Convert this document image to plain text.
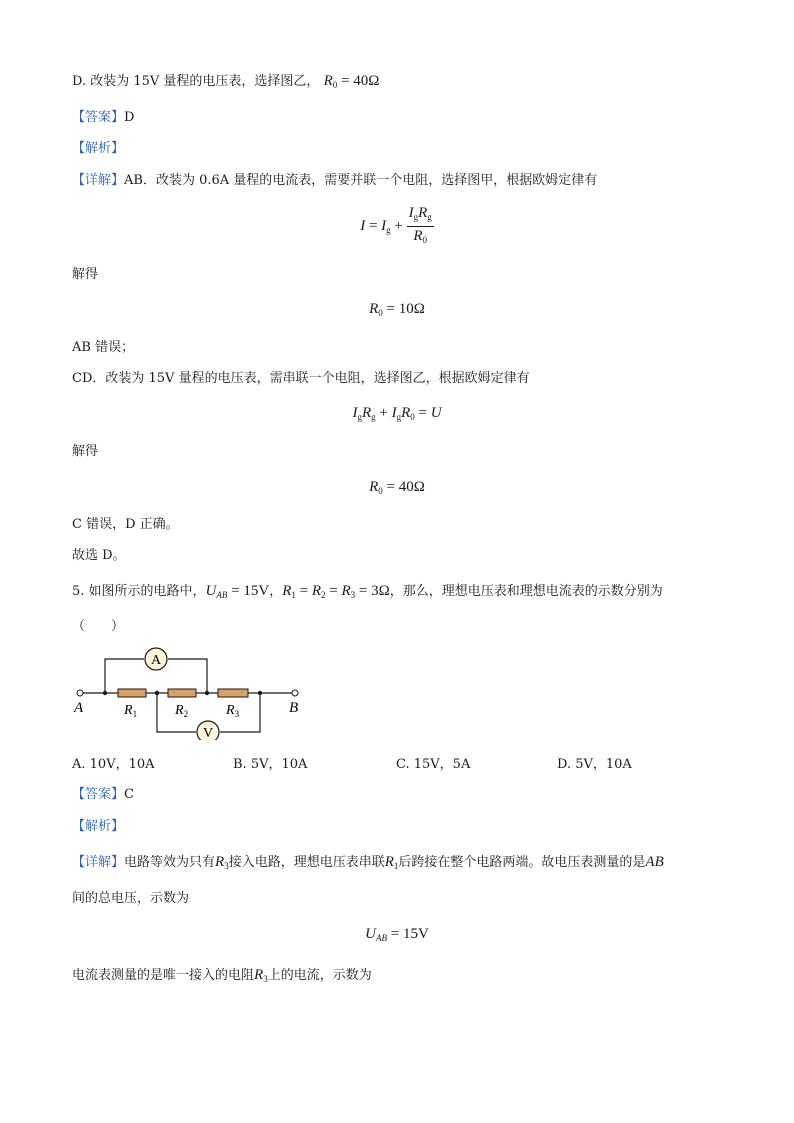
D. 改装为 15V 量程的电压表，选择图乙， $R_0 = 40\Omega$
【答案】D
【解析】
【详解】AB．改装为 0.6A 量程的电流表，需要并联一个电阻，选择图甲，根据欧姆定律有
$I = I_g + \frac{I_gR_g}{R_0}$
解得
$R_0 = 10\Omega$
AB 错误；
CD．改装为 15V 量程的电压表，需串联一个电阻，选择图乙，根据欧姆定律有
$I_gR_g + I_gR_0 = U$
解得
$R_0 = 40\Omega$
C 错误，D 正确。
故选 D。
5. 如图所示的电路中，$U_{AB} = 15V$，$R_1 = R_2 = R_3 = 3\Omega$，那么，理想电压表和理想电流表的示数分别为
（　　）
A
V
A	B
$R_1$	$R_2$	$R_3$
A. 10V，10A	B. 5V，10A	C. 15V，5A	D. 5V，10A
【答案】C
【解析】
【详解】电路等效为只有$R_3$接入电路，理想电压表串联$R_1$后跨接在整个电路两端。故电压表测量的是AB
间的总电压，示数为
$U_{AB} = 15V$
电流表测量的是唯一接入的电阻$R_3$上的电流，示数为
